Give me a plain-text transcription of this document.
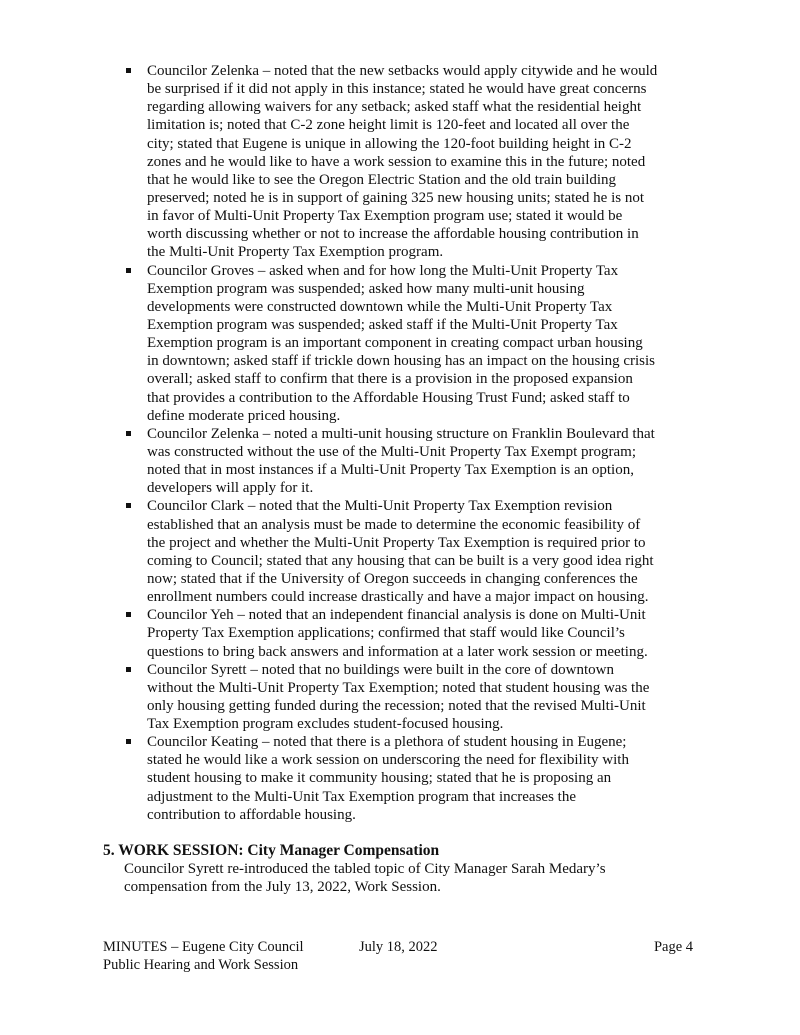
Councilor Zelenka – noted that the new setbacks would apply citywide and he would
be surprised if it did not apply in this instance; stated he would have great concerns
regarding allowing waivers for any setback; asked staff what the residential height
limitation is; noted that C-2 zone height limit is 120-feet and located all over the
city; stated that Eugene is unique in allowing the 120-foot building height in C-2
zones and he would like to have a work session to examine this in the future; noted
that he would like to see the Oregon Electric Station and the old train building
preserved; noted he is in support of gaining 325 new housing units; stated he is not
in favor of Multi-Unit Property Tax Exemption program use; stated it would be
worth discussing whether or not to increase the affordable housing contribution in
the Multi-Unit Property Tax Exemption program.
Councilor Groves – asked when and for how long the Multi-Unit Property Tax
Exemption program was suspended; asked how many multi-unit housing
developments were constructed downtown while the Multi-Unit Property Tax
Exemption program was suspended; asked staff if the Multi-Unit Property Tax
Exemption program is an important component in creating compact urban housing
in downtown; asked staff if trickle down housing has an impact on the housing crisis
overall; asked staff to confirm that there is a provision in the proposed expansion
that provides a contribution to the Affordable Housing Trust Fund; asked staff to
define moderate priced housing.
Councilor Zelenka – noted a multi-unit housing structure on Franklin Boulevard that
was constructed without the use of the Multi-Unit Property Tax Exempt program;
noted that in most instances if a Multi-Unit Property Tax Exemption is an option,
developers will apply for it.
Councilor Clark – noted that the Multi-Unit Property Tax Exemption revision
established that an analysis must be made to determine the economic feasibility of
the project and whether the Multi-Unit Property Tax Exemption is required prior to
coming to Council; stated that any housing that can be built is a very good idea right
now; stated that if the University of Oregon succeeds in changing conferences the
enrollment numbers could increase drastically and have a major impact on housing.
Councilor Yeh – noted that an independent financial analysis is done on Multi-Unit
Property Tax Exemption applications; confirmed that staff would like Council’s
questions to bring back answers and information at a later work session or meeting.
Councilor Syrett – noted that no buildings were built in the core of downtown
without the Multi-Unit Property Tax Exemption; noted that student housing was the
only housing getting funded during the recession; noted that the revised Multi-Unit
Tax Exemption program excludes student-focused housing.
Councilor Keating – noted that there is a plethora of student housing in Eugene;
stated he would like a work session on underscoring the need for flexibility with
student housing to make it community housing; stated that he is proposing an
adjustment to the Multi-Unit Tax Exemption program that increases the
contribution to affordable housing.
5. WORK SESSION: City Manager Compensation
Councilor Syrett re-introduced the tabled topic of City Manager Sarah Medary’s
compensation from the July 13, 2022, Work Session.
MINUTES – Eugene City Council
Public Hearing and Work Session
July 18, 2022	Page 4
